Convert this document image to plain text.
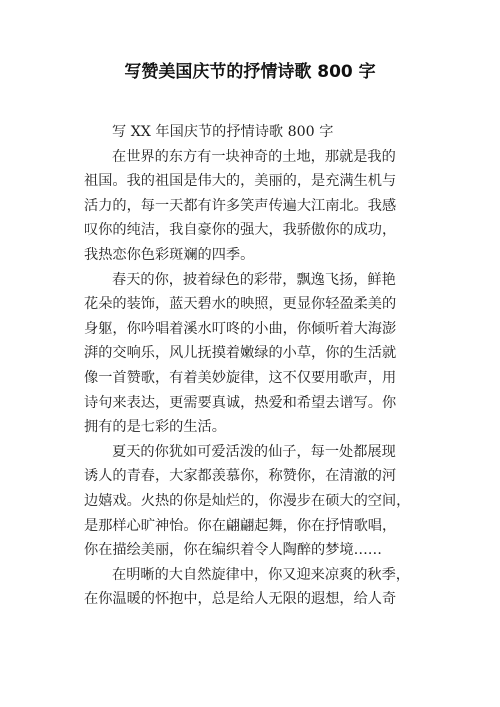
写赞美国庆节的抒情诗歌 800 字

写 XX 年国庆节的抒情诗歌 800 字

在世界的东方有一块神奇的土地，那就是我的
祖国。我的祖国是伟大的，美丽的，是充满生机与
活力的，每一天都有许多笑声传遍大江南北。我感
叹你的纯洁，我自豪你的强大，我骄傲你的成功，
我热恋你色彩斑斓的四季。

春天的你，披着绿色的彩带，飘逸飞扬，鲜艳
花朵的装饰，蓝天碧水的映照，更显你轻盈柔美的
身躯，你吟唱着溪水叮咚的小曲，你倾听着大海澎
湃的交响乐，风儿抚摸着嫩绿的小草，你的生活就
像一首赞歌，有着美妙旋律，这不仅要用歌声，用
诗句来表达，更需要真诚，热爱和希望去谱写。你
拥有的是七彩的生活。

夏天的你犹如可爱活泼的仙子，每一处都展现
诱人的青春，大家都羡慕你，称赞你，在清澈的河
边嬉戏。火热的你是灿烂的，你漫步在硕大的空间，
是那样心旷神怡。你在翩翩起舞，你在抒情歌唱，
你在描绘美丽，你在编织着令人陶醉的梦境……

在明晰的大自然旋律中，你又迎来凉爽的秋季，
在你温暖的怀抱中，总是给人无限的遐想，给人奇
